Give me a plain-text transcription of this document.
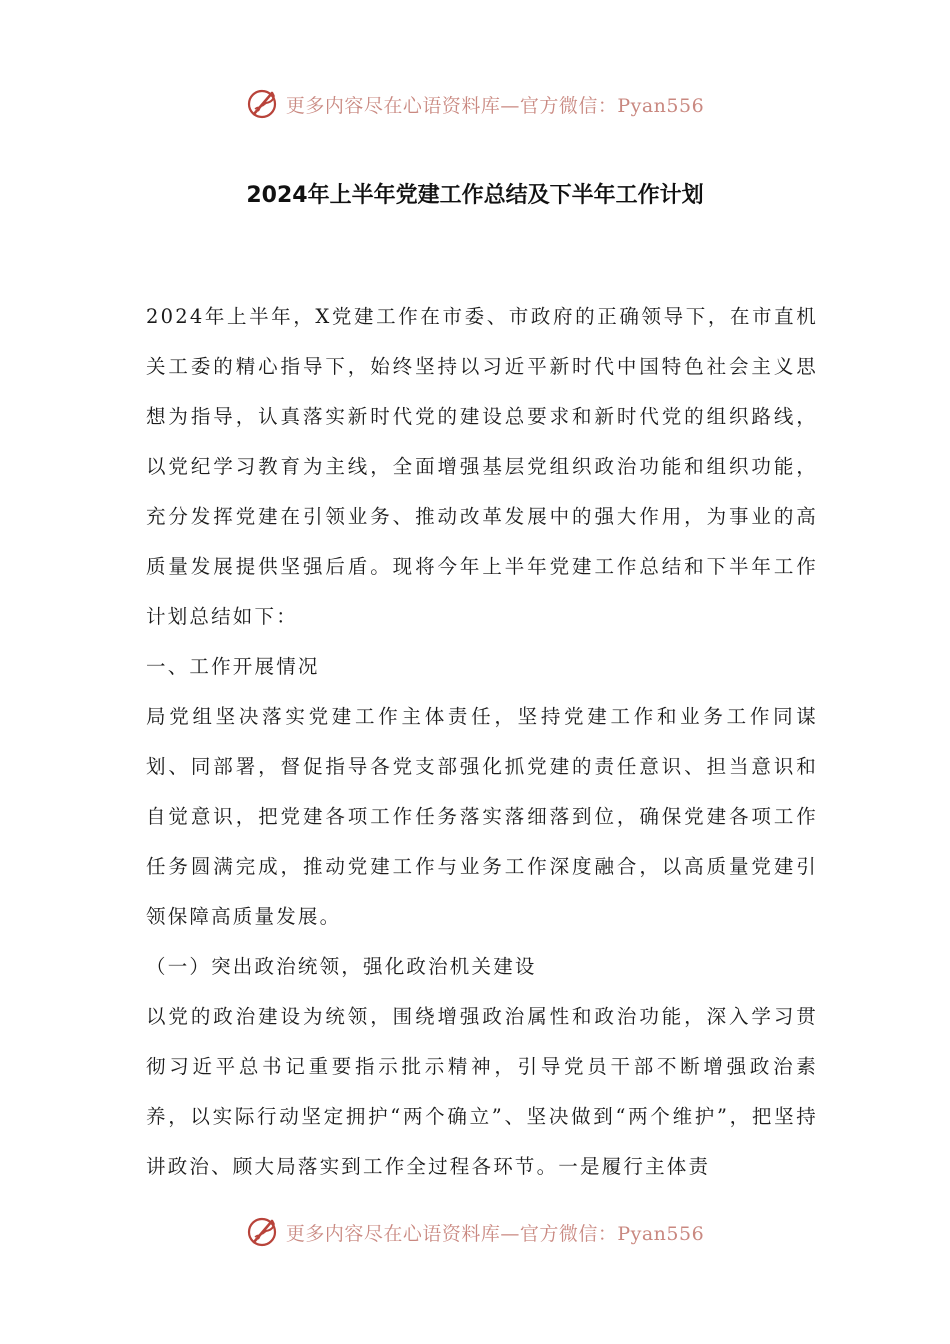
更多内容尽在心语资料库—官方微信：Pyan556
2024年上半年党建工作总结及下半年工作计划

2024年上半年，X党建工作在市委、市政府的正确领导下，在市直机关工委的精心指导下，始终坚持以习近平新时代中国特色社会主义思想为指导，认真落实新时代党的建设总要求和新时代党的组织路线，以党纪学习教育为主线，全面增强基层党组织政治功能和组织功能，充分发挥党建在引领业务、推动改革发展中的强大作用，为事业的高质量发展提供坚强后盾。现将今年上半年党建工作总结和下半年工作计划总结如下：

一、工作开展情况

局党组坚决落实党建工作主体责任，坚持党建工作和业务工作同谋划、同部署，督促指导各党支部强化抓党建的责任意识、担当意识和自觉意识，把党建各项工作任务落实落细落到位，确保党建各项工作任务圆满完成，推动党建工作与业务工作深度融合，以高质量党建引领保障高质量发展。

（一）突出政治统领，强化政治机关建设

以党的政治建设为统领，围绕增强政治属性和政治功能，深入学习贯彻习近平总书记重要指示批示精神，引导党员干部不断增强政治素养，以实际行动坚定拥护“两个确立”、坚决做到“两个维护”，把坚持讲政治、顾大局落实到工作全过程各环节。一是履行主体责

更多内容尽在心语资料库—官方微信：Pyan556
